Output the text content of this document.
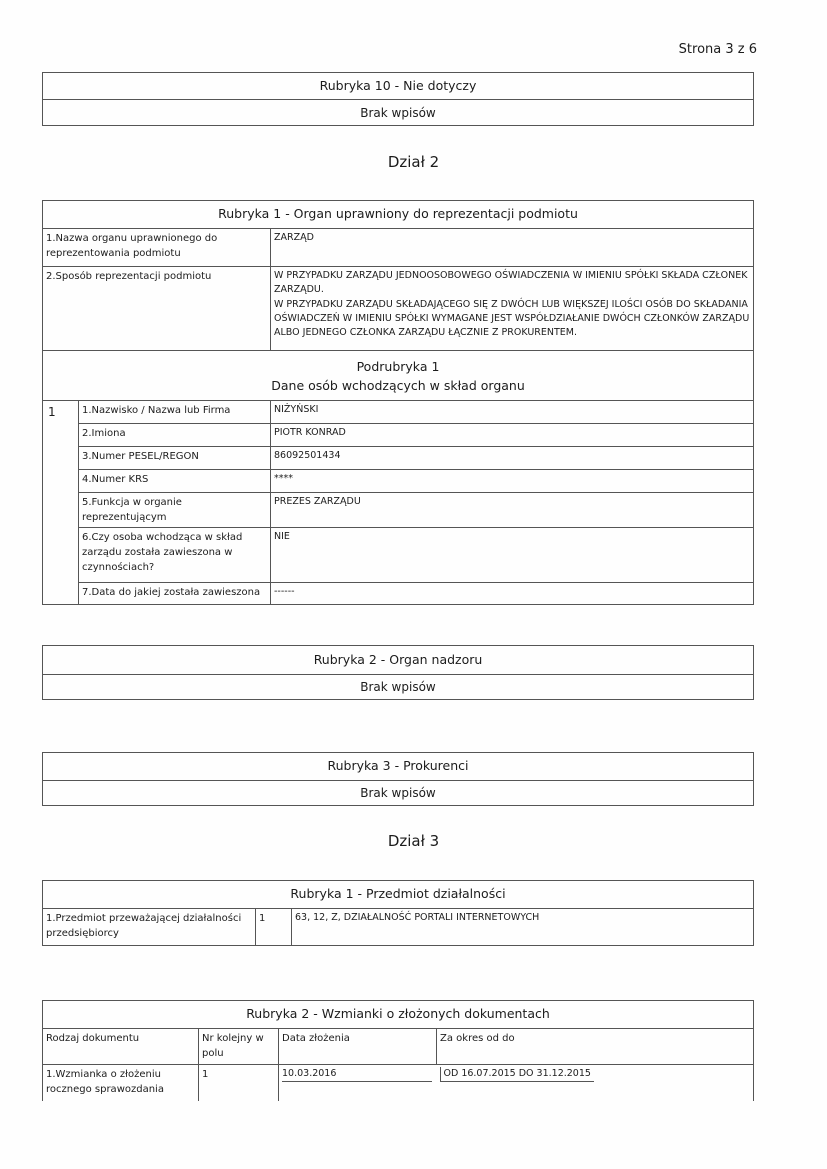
Strona 3 z 6
Rubryka 10 - Nie dotyczy
Brak wpisów
Dział 2
Rubryka 1 - Organ uprawniony do reprezentacji podmiotu		
1.Nazwa organu uprawnionego do reprezentowania podmiotu		ZARZĄD
2.Sposób reprezentacji podmiotu		W PRZYPADKU ZARZĄDU JEDNOOSOBOWEGO OŚWIADCZENIA W IMIENIU SPÓŁKI SKŁADA CZŁONEK ZARZĄDU.
W PRZYPADKU ZARZĄDU SKŁADAJĄCEGO SIĘ Z DWÓCH LUB WIĘKSZEJ ILOŚCI OSÓB DO SKŁADANIA OŚWIADCZEŃ W IMIENIU SPÓŁKI WYMAGANE JEST WSPÓŁDZIAŁANIE DWÓCH CZŁONKÓW ZARZĄDU ALBO JEDNEGO CZŁONKA ZARZĄDU ŁĄCZNIE Z PROKURENTEM.

Podrubryka 1
Dane osób wchodzących w skład organu		

1	1.Nazwisko / Nazwa lub Firma	NIŻYŃSKI
	2.Imiona	PIOTR KONRAD
	3.Numer PESEL/REGON	86092501434
	4.Numer KRS	****
	5.Funkcja w organie reprezentującym	PREZES ZARZĄDU
	6.Czy osoba wchodząca w skład zarządu została zawieszona w czynnościach?	NIE
	7.Data do jakiej została zawieszona	------
Rubryka 2 - Organ nadzoru
Brak wpisów
Rubryka 3 - Prokurenci
Brak wpisów
Dział 3
Rubryka 1 - Przedmiot działalności
1.Przedmiot przeważającej działalności przedsiębiorcy	1	63, 12, Z, DZIAŁALNOŚĆ PORTALI INTERNETOWYCH
Rubryka 2 - Wzmianki o złożonych dokumentach			
Rodzaj dokumentu	Nr kolejny w polu	Data złożenia	Za okres od do
1.Wzmianka o złożeniu rocznego sprawozdania	1	10.03.2016	OD 16.07.2015 DO 31.12.2015
